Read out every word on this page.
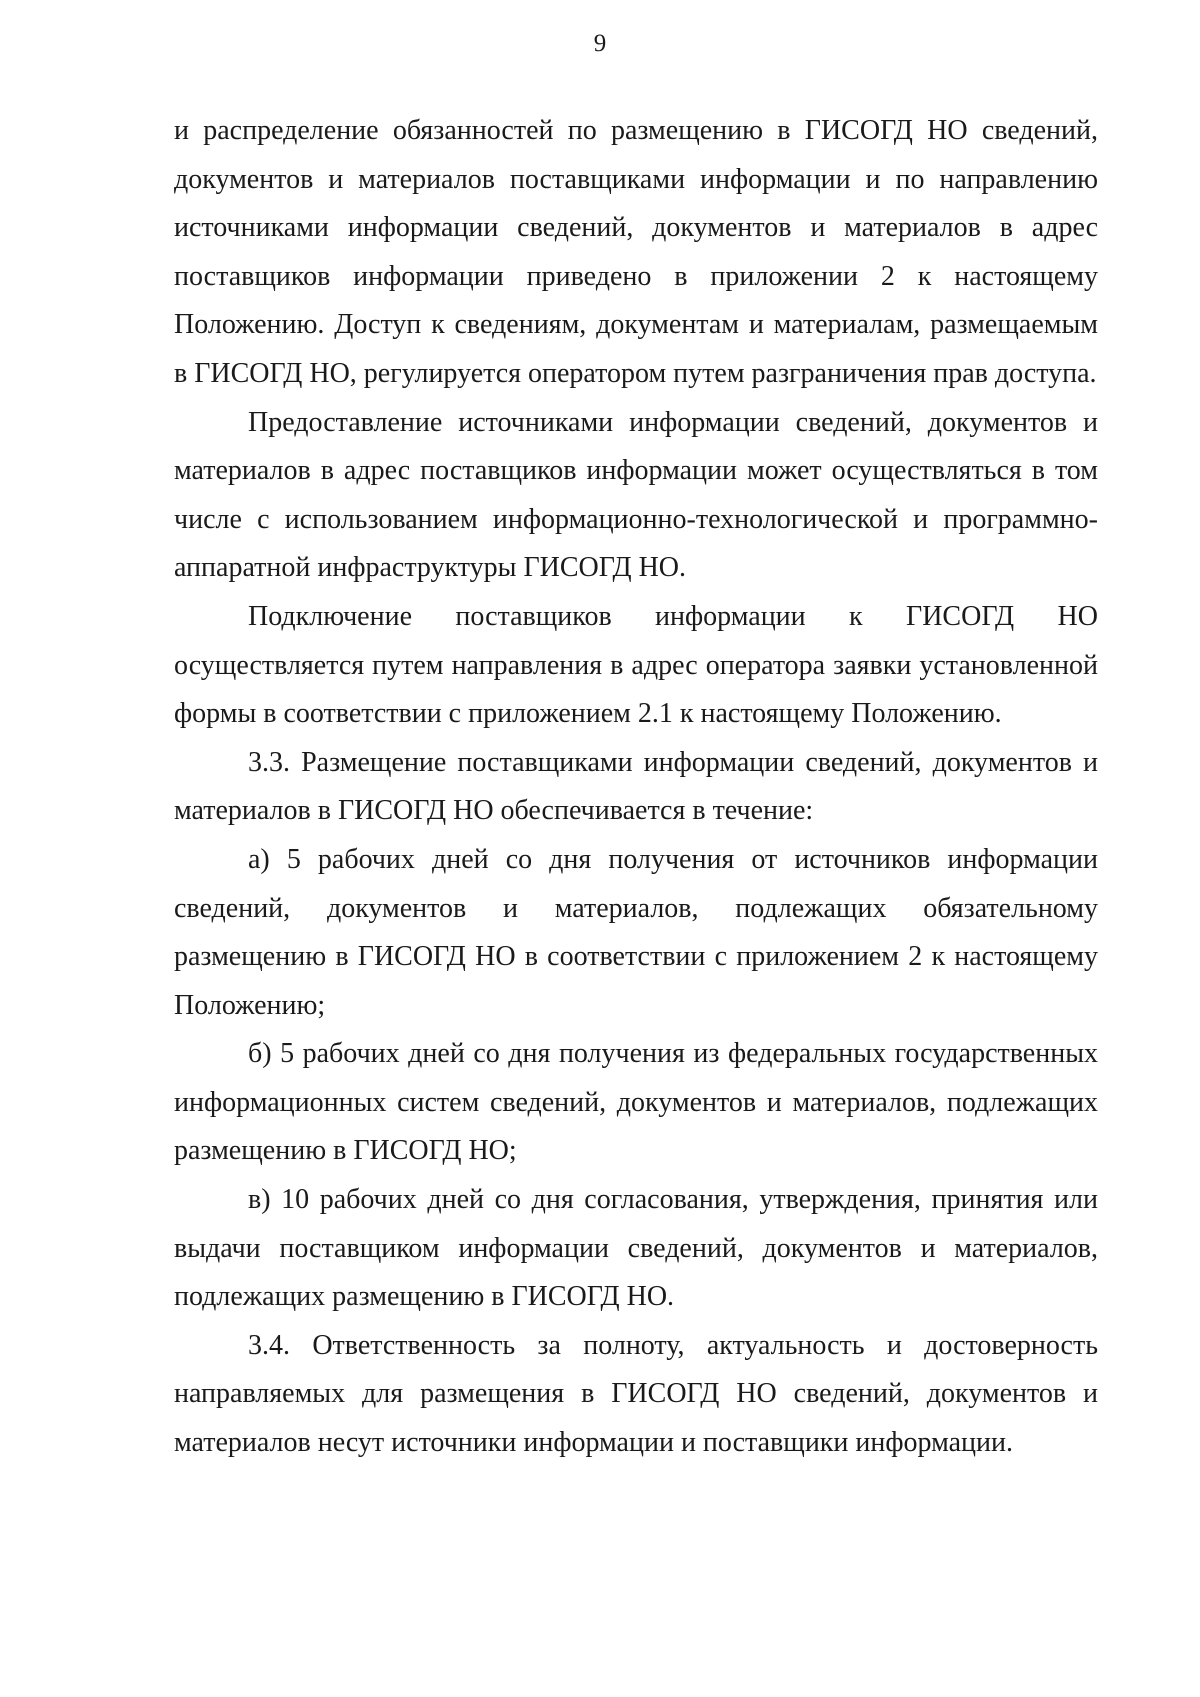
9

и распределение обязанностей по размещению в ГИСОГД НО сведений, документов и материалов поставщиками информации и по направлению источниками информации сведений, документов и материалов в адрес поставщиков информации приведено в приложении 2 к настоящему Положению. Доступ к сведениям, документам и материалам, размещаемым в ГИСОГД НО, регулируется оператором путем разграничения прав доступа.

Предоставление источниками информации сведений, документов и материалов в адрес поставщиков информации может осуществляться в том числе с использованием информационно-технологической и программно-аппаратной инфраструктуры ГИСОГД НО.

Подключение поставщиков информации к ГИСОГД НО осуществляется путем направления в адрес оператора заявки установленной формы в соответствии с приложением 2.1 к настоящему Положению.

3.3. Размещение поставщиками информации сведений, документов и материалов в ГИСОГД НО обеспечивается в течение:

а) 5 рабочих дней со дня получения от источников информации сведений, документов и материалов, подлежащих обязательному размещению в ГИСОГД НО в соответствии с приложением 2 к настоящему Положению;

б) 5 рабочих дней со дня получения из федеральных государственных информационных систем сведений, документов и материалов, подлежащих размещению в ГИСОГД НО;

в) 10 рабочих дней со дня согласования, утверждения, принятия или выдачи поставщиком информации сведений, документов и материалов, подлежащих размещению в ГИСОГД НО.

3.4. Ответственность за полноту, актуальность и достоверность направляемых для размещения в ГИСОГД НО сведений, документов и материалов несут источники информации и поставщики информации.
